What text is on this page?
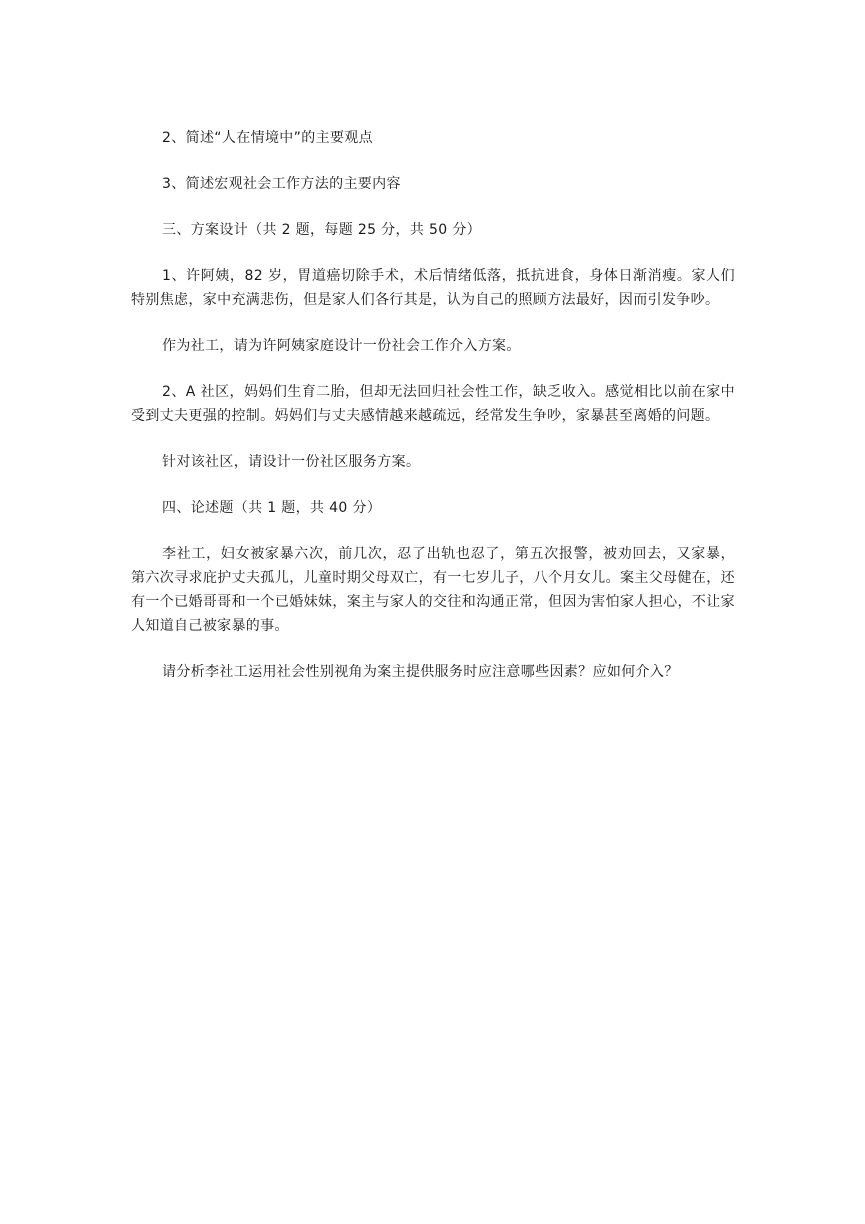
2、简述“人在情境中”的主要观点

3、简述宏观社会工作方法的主要内容

三、方案设计（共 2 题，每题 25 分，共 50 分）

1、许阿姨，82 岁，胃道癌切除手术，术后情绪低落，抵抗进食，身体日渐消瘦。家人们特别焦虑，家中充满悲伤，但是家人们各行其是，认为自己的照顾方法最好，因而引发争吵。

作为社工，请为许阿姨家庭设计一份社会工作介入方案。

2、A 社区，妈妈们生育二胎，但却无法回归社会性工作，缺乏收入。感觉相比以前在家中受到丈夫更强的控制。妈妈们与丈夫感情越来越疏远，经常发生争吵，家暴甚至离婚的问题。

针对该社区，请设计一份社区服务方案。

四、论述题（共 1 题，共 40 分）

李社工，妇女被家暴六次，前几次，忍了出轨也忍了，第五次报警，被劝回去，又家暴，第六次寻求庇护丈夫孤儿，儿童时期父母双亡，有一七岁儿子，八个月女儿。案主父母健在，还有一个已婚哥哥和一个已婚妹妹，案主与家人的交往和沟通正常，但因为害怕家人担心，不让家人知道自己被家暴的事。

请分析李社工运用社会性别视角为案主提供服务时应注意哪些因素？应如何介入？
